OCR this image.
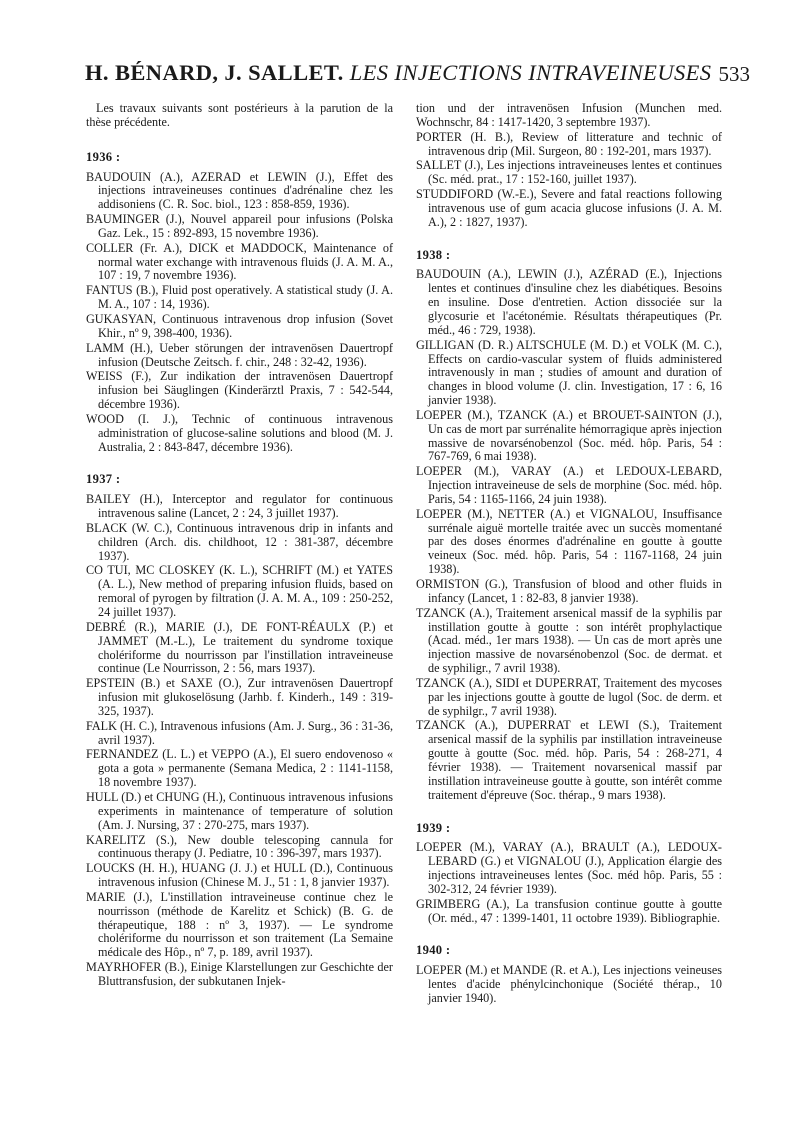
H. BÉNARD, J. SALLET. LES INJECTIONS INTRAVEINEUSES 533

Les travaux suivants sont postérieurs à la parution de la thèse précédente.

1936 :

BAUDOUIN (A.), AZERAD et LEWIN (J.), Effet des injections intraveineuses continues d'adrénaline chez les addisoniens (C. R. Soc. biol., 123 : 858-859, 1936).

BAUMINGER (J.), Nouvel appareil pour infusions (Polska Gaz. Lek., 15 : 892-893, 15 novembre 1936).

COLLER (Fr. A.), DICK et MADDOCK, Maintenance of normal water exchange with intravenous fluids (J. A. M. A., 107 : 19, 7 novembre 1936).

FANTUS (B.), Fluid post operatively. A statistical study (J. A. M. A., 107 : 14, 1936).

GUKASYAN, Continuous intravenous drop infusion (Sovet Khir., nº 9, 398-400, 1936).

LAMM (H.), Ueber störungen der intravenösen Dauertropf infusion (Deutsche Zeitsch. f. chir., 248 : 32-42, 1936).

WEISS (F.), Zur indikation der intravenösen Dauertropf infusion bei Säuglingen (Kinderärztl Praxis, 7 : 542-544, décembre 1936).

WOOD (I. J.), Technic of continuous intravenous administration of glucose-saline solutions and blood (M. J. Australia, 2 : 843-847, décembre 1936).

1937 :

BAILEY (H.), Interceptor and regulator for continuous intravenous saline (Lancet, 2 : 24, 3 juillet 1937).

BLACK (W. C.), Continuous intravenous drip in infants and children (Arch. dis. childhoot, 12 : 381-387, décembre 1937).

CO TUI, MC CLOSKEY (K. L.), SCHRIFT (M.) et YATES (A. L.), New method of preparing infusion fluids, based on remoral of pyrogen by filtration (J. A. M. A., 109 : 250-252, 24 juillet 1937).

DEBRÉ (R.), MARIE (J.), DE FONT-RÉAULX (P.) et JAMMET (M.-L.), Le traitement du syndrome toxique cholériforme du nourrisson par l'instillation intraveineuse continue (Le Nourrisson, 2 : 56, mars 1937).

EPSTEIN (B.) et SAXE (O.), Zur intravenösen Dauertropf infusion mit glukoselösung (Jarhb. f. Kinderh., 149 : 319-325, 1937).

FALK (H. C.), Intravenous infusions (Am. J. Surg., 36 : 31-36, avril 1937).

FERNANDEZ (L. L.) et VEPPO (A.), El suero endovenoso « gota a gota » permanente (Semana Medica, 2 : 1141-1158, 18 novembre 1937).

HULL (D.) et CHUNG (H.), Continuous intravenous infusions experiments in maintenance of temperature of solution (Am. J. Nursing, 37 : 270-275, mars 1937).

KARELITZ (S.), New double telescoping cannula for continuous therapy (J. Pediatre, 10 : 396-397, mars 1937).

LOUCKS (H. H.), HUANG (J. J.) et HULL (D.), Continuous intravenous infusion (Chinese M. J., 51 : 1, 8 janvier 1937).

MARIE (J.), L'instillation intraveineuse continue chez le nourrisson (méthode de Karelitz et Schick) (B. G. de thérapeutique, 188 : nº 3, 1937). — Le syndrome cholériforme du nourrisson et son traitement (La Semaine médicale des Hôp., nº 7, p. 189, avril 1937).

MAYRHOFER (B.), Einige Klarstellungen zur Geschichte der Bluttransfusion, der subkutanen Injek-

tion und der intravenösen Infusion (Munchen med. Wochnschr, 84 : 1417-1420, 3 septembre 1937).

PORTER (H. B.), Review of litterature and technic of intravenous drip (Mil. Surgeon, 80 : 192-201, mars 1937).

SALLET (J.), Les injections intraveineuses lentes et continues (Sc. méd. prat., 17 : 152-160, juillet 1937).

STUDDIFORD (W.-E.), Severe and fatal reactions following intravenous use of gum acacia glucose infusions (J. A. M. A.), 2 : 1827, 1937).

1938 :

BAUDOUIN (A.), LEWIN (J.), AZÉRAD (E.), Injections lentes et continues d'insuline chez les diabétiques. Besoins en insuline. Dose d'entretien. Action dissociée sur la glycosurie et l'acétonémie. Résultats thérapeutiques (Pr. méd., 46 : 729, 1938).

GILLIGAN (D. R.) ALTSCHULE (M. D.) et VOLK (M. C.), Effects on cardio-vascular system of fluids administered intravenously in man ; studies of amount and duration of changes in blood volume (J. clin. Investigation, 17 : 6, 16 janvier 1938).

LOEPER (M.), TZANCK (A.) et BROUET-SAINTON (J.), Un cas de mort par surrénalite hémorragique après injection massive de novarsénobenzol (Soc. méd. hôp. Paris, 54 : 767-769, 6 mai 1938).

LOEPER (M.), VARAY (A.) et LEDOUX-LEBARD, Injection intraveineuse de sels de morphine (Soc. méd. hôp. Paris, 54 : 1165-1166, 24 juin 1938).

LOEPER (M.), NETTER (A.) et VIGNALOU, Insuffisance surrénale aiguë mortelle traitée avec un succès momentané par des doses énormes d'adrénaline en goutte à goutte veineux (Soc. méd. hôp. Paris, 54 : 1167-1168, 24 juin 1938).

ORMISTON (G.), Transfusion of blood and other fluids in infancy (Lancet, 1 : 82-83, 8 janvier 1938).

TZANCK (A.), Traitement arsenical massif de la syphilis par instillation goutte à goutte : son intérêt prophylactique (Acad. méd., 1er mars 1938). — Un cas de mort après une injection massive de novarsénobenzol (Soc. de dermat. et de syphiligr., 7 avril 1938).

TZANCK (A.), SIDI et DUPERRAT, Traitement des mycoses par les injections goutte à goutte de lugol (Soc. de derm. et de syphilgr., 7 avril 1938).

TZANCK (A.), DUPERRAT et LEWI (S.), Traitement arsenical massif de la syphilis par instillation intraveineuse goutte à goutte (Soc. méd. hôp. Paris, 54 : 268-271, 4 février 1938). — Traitement novarsenical massif par instillation intraveineuse goutte à goutte, son intérêt comme traitement d'épreuve (Soc. thérap., 9 mars 1938).

1939 :

LOEPER (M.), VARAY (A.), BRAULT (A.), LEDOUX-LEBARD (G.) et VIGNALOU (J.), Application élargie des injections intraveineuses lentes (Soc. méd hôp. Paris, 55 : 302-312, 24 février 1939).

GRIMBERG (A.), La transfusion continue goutte à goutte (Or. méd., 47 : 1399-1401, 11 octobre 1939). Bibliographie.

1940 :

LOEPER (M.) et MANDE (R. et A.), Les injections veineuses lentes d'acide phénylcinchonique (Société thérap., 10 janvier 1940).
